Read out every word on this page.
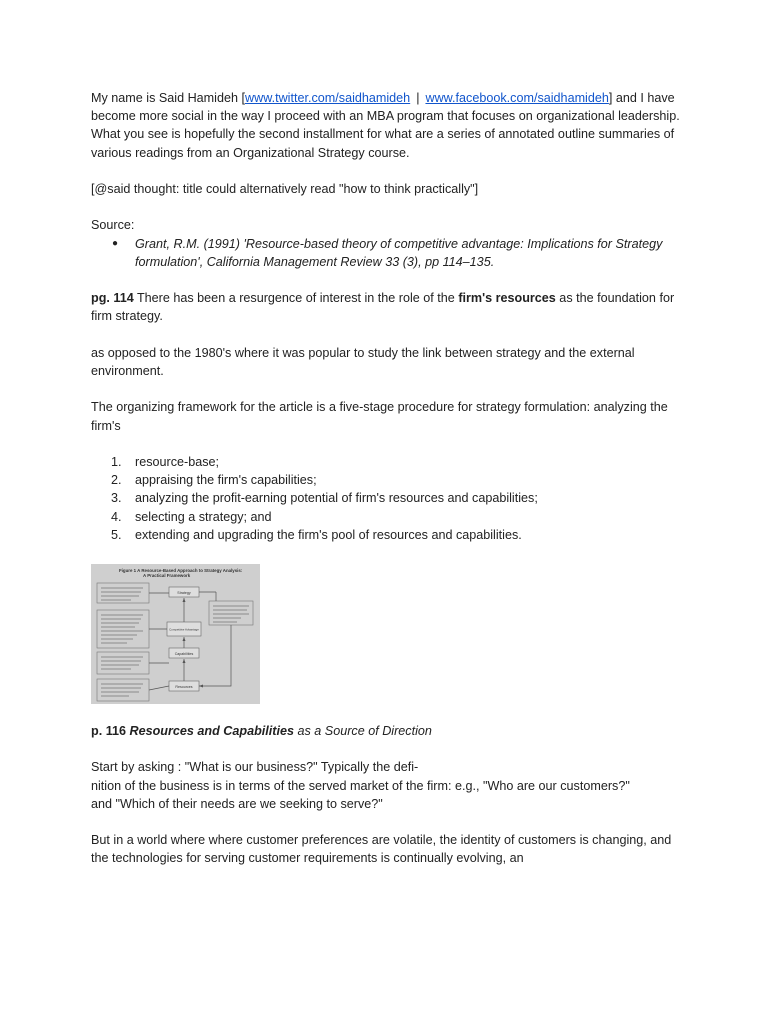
My name is Said Hamideh [www.twitter.com/saidhamideh | www.facebook.com/saidhamideh] and I have become more social in the way I proceed with an MBA program that focuses on organizational leadership. What you see is hopefully the second installment for what are a series of annotated outline summaries of various readings from an Organizational Strategy course.

[@said thought: title could alternatively read "how to think practically"]

Source:

● Grant, R.M. (1991) 'Resource-based theory of competitive advantage: Implications for Strategy formulation', California Management Review 33 (3), pp 114–135.

pg. 114 There has been a resurgence of interest in the role of the firm's resources as the foundation for firm strategy.

as opposed to the 1980's where it was popular to study the link between strategy and the external environment.

The organizing framework for the article is a five-stage procedure for strategy formulation: analyzing the firm's

1. resource-base;
2. appraising the firm's capabilities;
3. analyzing the profit-earning potential of firm's resources and capabilities;
4. selecting a strategy; and
5. extending and upgrading the firm's pool of resources and capabilities.
Figure 1 A Resource-Based Approach to Strategy Analysis:
A Practical Framework
Strategy
Competitive Advantage
Capabilities
Resources

p. 116 Resources and Capabilities as a Source of Direction

Start by asking : "What is our business?" Typically the defi-

nition of the business is in terms of the served market of the firm: e.g., "Who are our customers?"

and "Which of their needs are we seeking to serve?"

But in a world where where customer preferences are volatile, the identity of customers is changing, and the technologies for serving customer requirements is continually evolving, an
